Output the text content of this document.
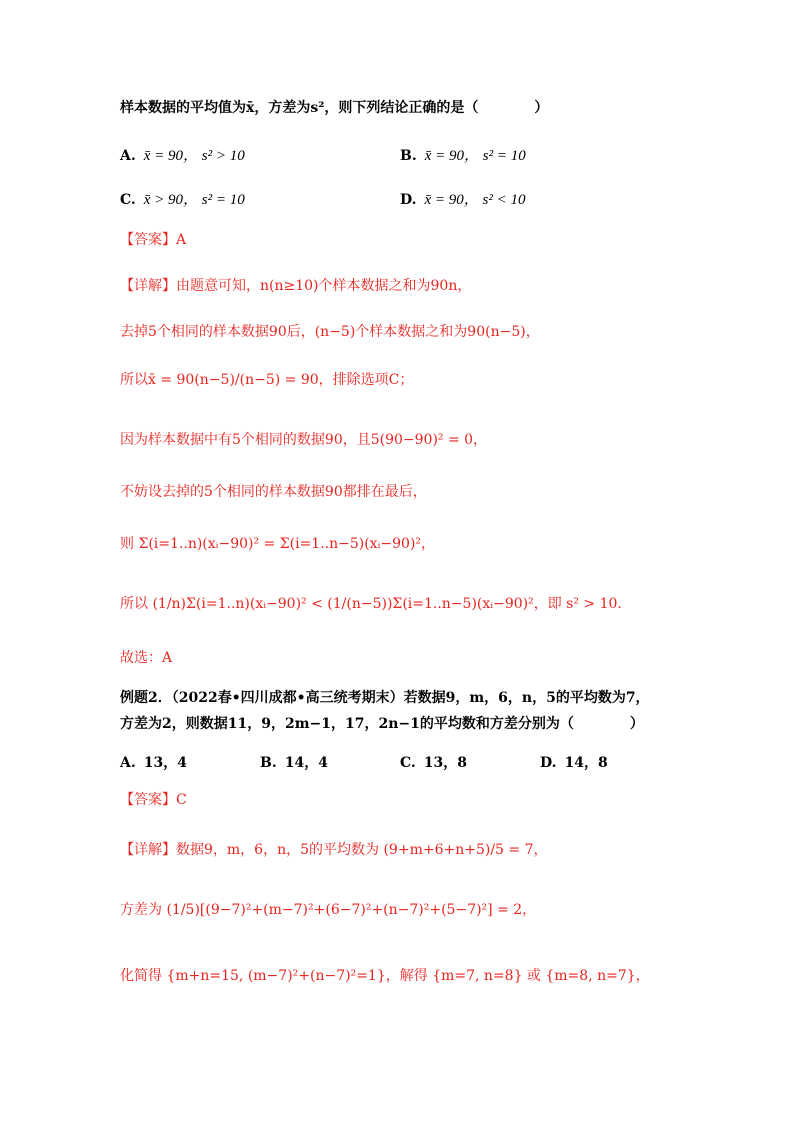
样本数据的平均值为x̄，方差为s²，则下列结论正确的是（　　　　）
A. x̄ = 90， s² > 10	B. x̄ = 90， s² = 10
C. x̄ > 90， s² = 10	D. x̄ = 90， s² < 10
【答案】A
【详解】由题意可知，n(n≥10)个样本数据之和为90n，
去掉5个相同的样本数据90后，(n−5)个样本数据之和为90(n−5)，
所以x̄ = 90(n−5)/(n−5) = 90，排除选项C；
因为样本数据中有5个相同的数据90，且5(90−90)² = 0，
不妨设去掉的5个相同的样本数据90都排在最后，
则 Σ(i=1..n)(xᵢ−90)² = Σ(i=1..n−5)(xᵢ−90)²，
所以 (1/n)Σ(i=1..n)(xᵢ−90)² < (1/(n−5))Σ(i=1..n−5)(xᵢ−90)²，即 s² > 10．
故选：A
例题2．（2022春•四川成都•高三统考期末）若数据9，m，6，n，5的平均数为7，
方差为2，则数据11，9，2m−1，17，2n−1的平均数和方差分别为（　　　　）
A. 13，4	B. 14，4	C. 13，8	D. 14，8
【答案】C
【详解】数据9，m，6，n，5的平均数为 (9+m+6+n+5)/5 = 7，
方差为 (1/5)[(9−7)²+(m−7)²+(6−7)²+(n−7)²+(5−7)²] = 2，
化简得 {m+n=15, (m−7)²+(n−7)²=1}，解得 {m=7, n=8} 或 {m=8, n=7}，
